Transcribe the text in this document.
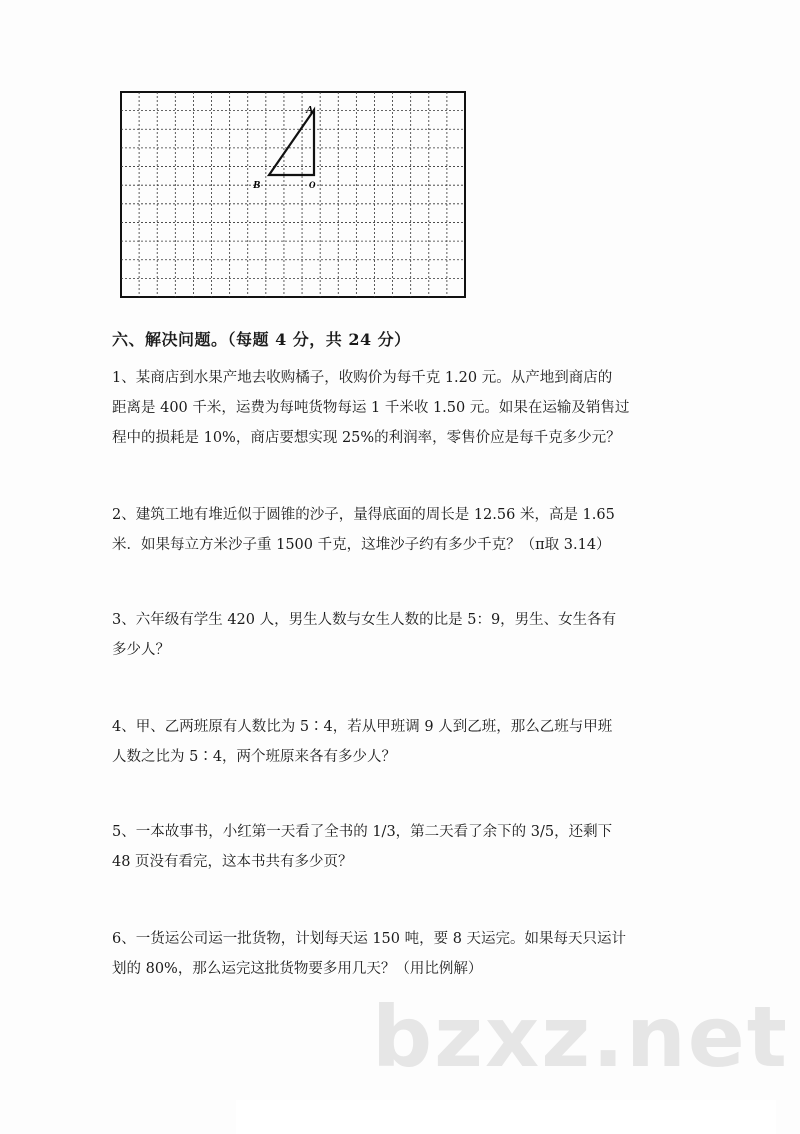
A
B	O
六、解决问题。（每题 4 分，共 24 分）
1、某商店到水果产地去收购橘子，收购价为每千克 1.20 元。从产地到商店的
距离是 400 千米，运费为每吨货物每运 1 千米收 1.50 元。如果在运输及销售过
程中的损耗是 10%，商店要想实现 25%的利润率，零售价应是每千克多少元？
2、建筑工地有堆近似于圆锥的沙子，量得底面的周长是 12.56 米，高是 1.65
米．如果每立方米沙子重 1500 千克，这堆沙子约有多少千克？（π取 3.14）
3、六年级有学生 420 人，男生人数与女生人数的比是 5：9，男生、女生各有
多少人？
4、甲、乙两班原有人数比为 5∶4，若从甲班调 9 人到乙班，那么乙班与甲班
人数之比为 5∶4，两个班原来各有多少人？
5、一本故事书，小红第一天看了全书的 1/3，第二天看了余下的 3/5，还剩下
48 页没有看完，这本书共有多少页？
6、一货运公司运一批货物，计划每天运 150 吨，要 8 天运完。如果每天只运计
划的 80%，那么运完这批货物要多用几天？（用比例解）
bzxz.net
